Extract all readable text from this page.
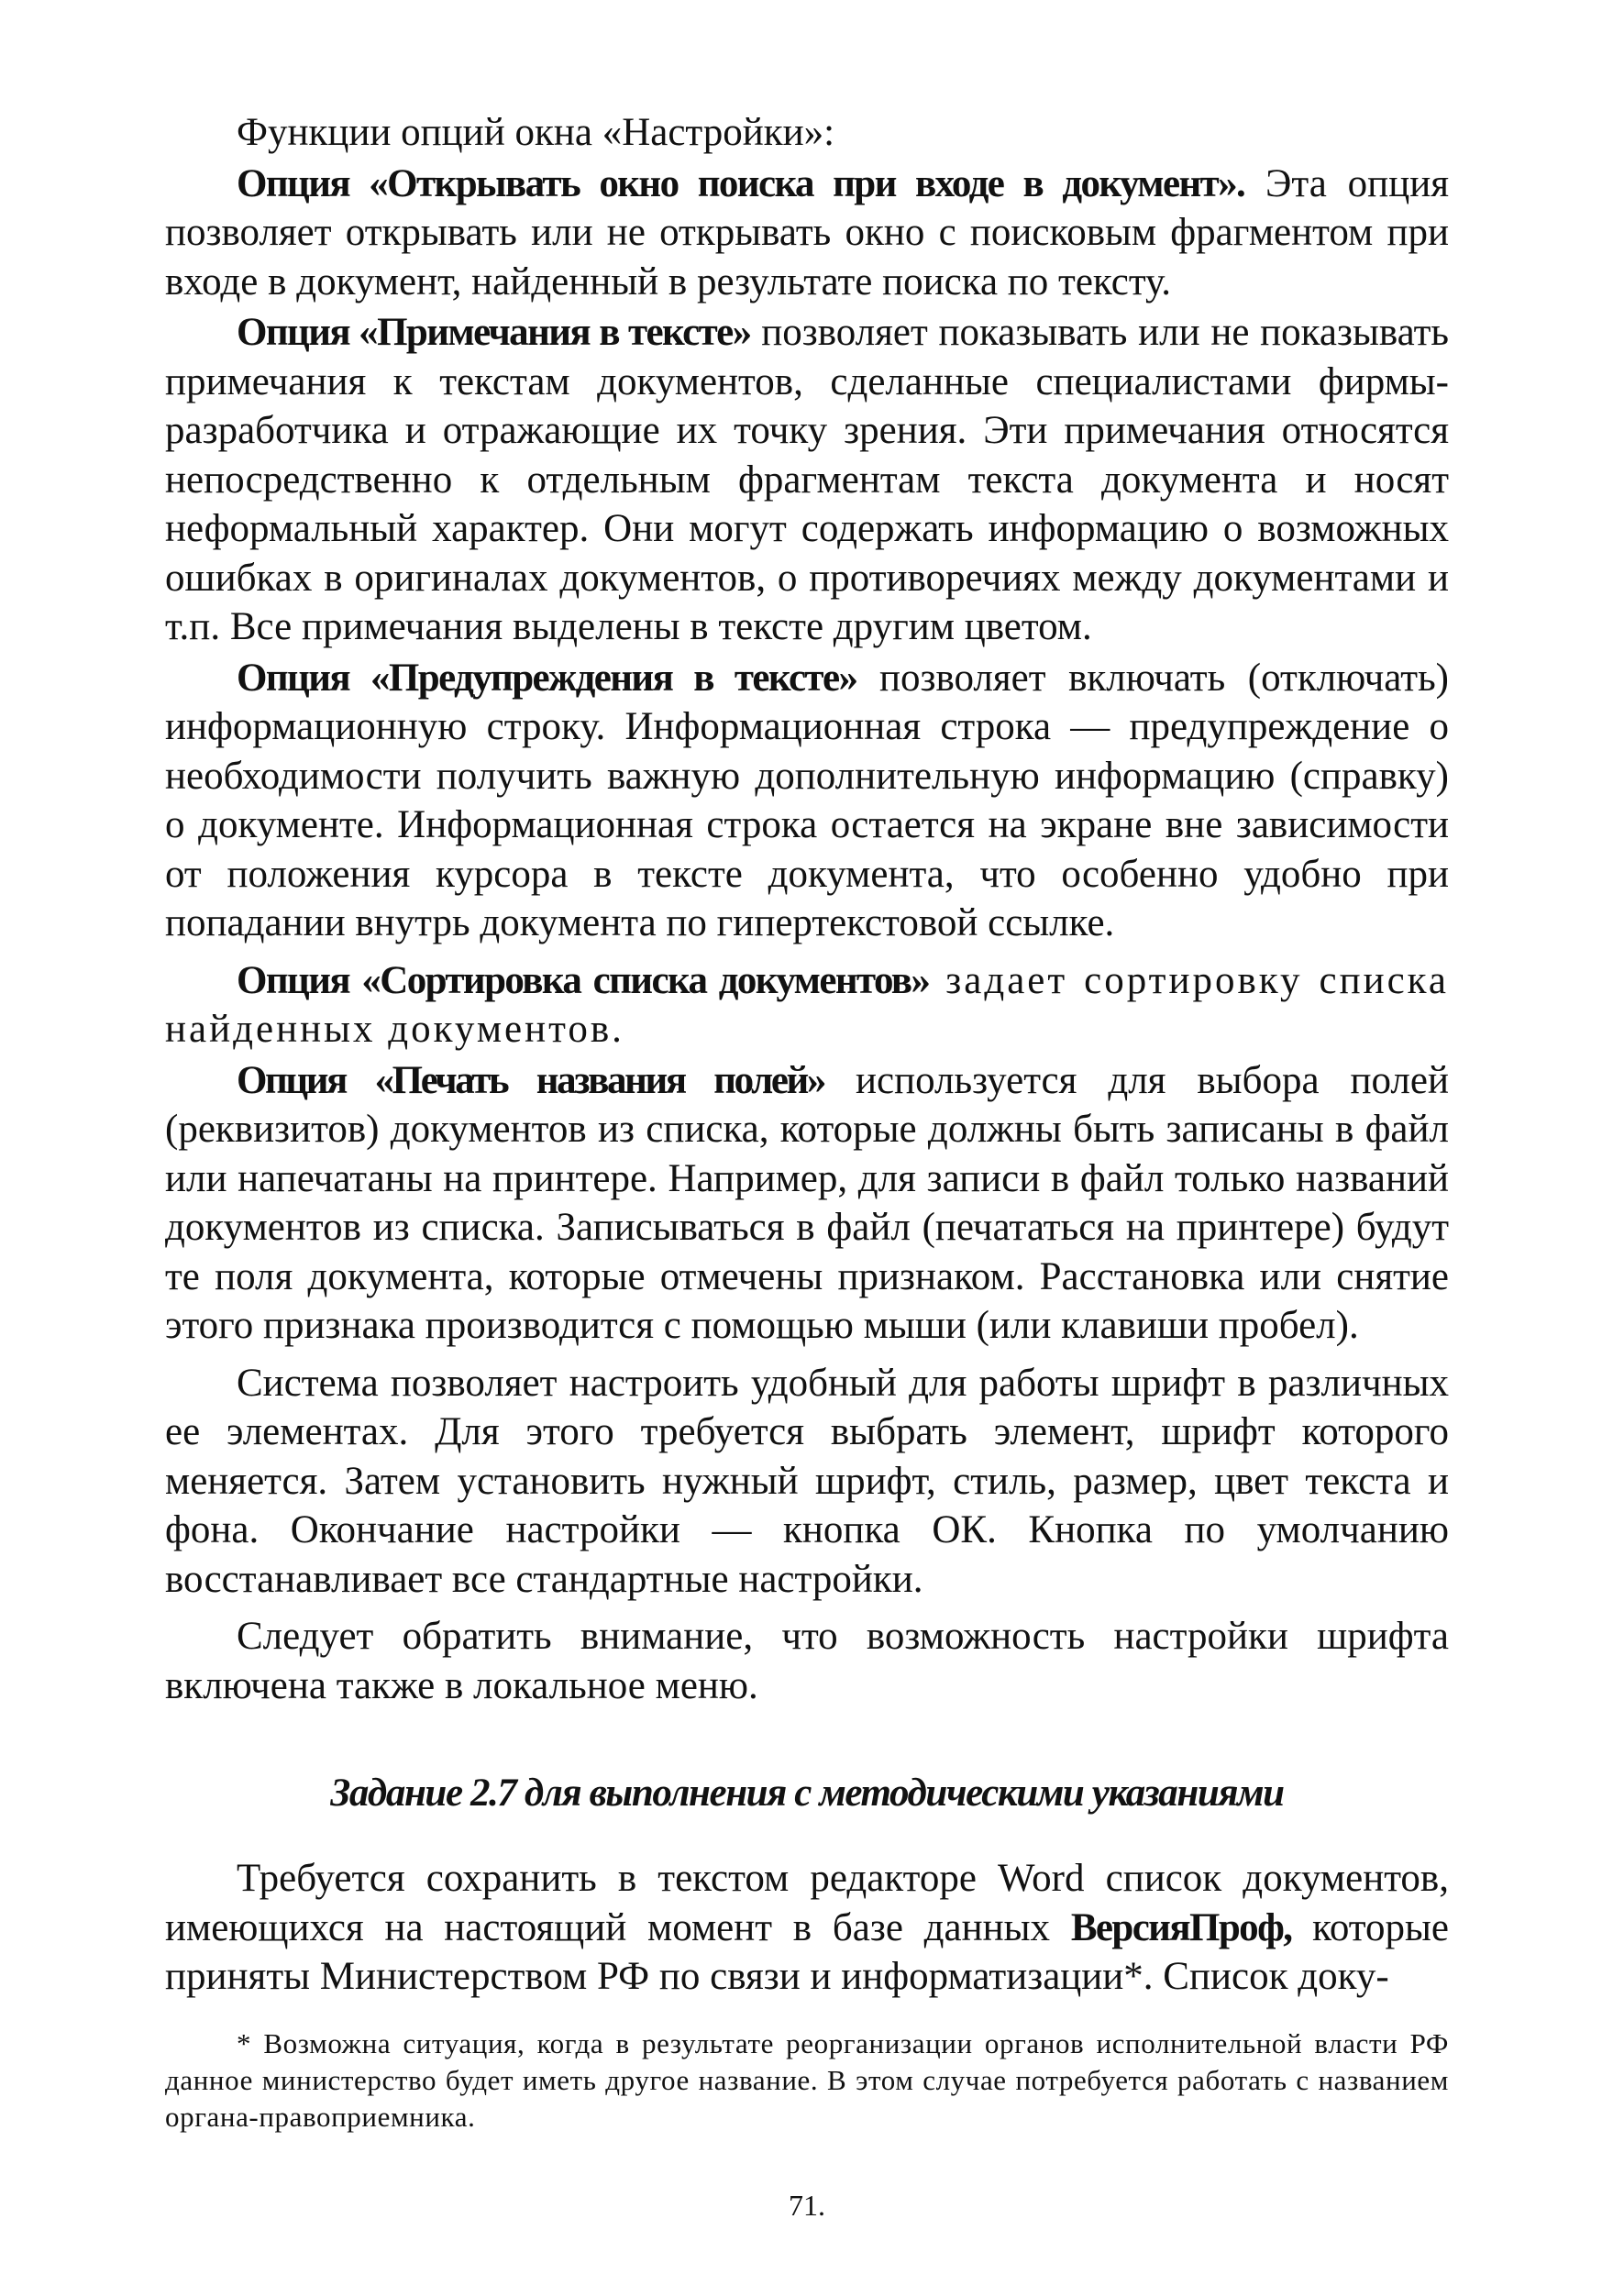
Функции опций окна «Настройки»:

Опция «Открывать окно поиска при входе в документ». Эта опция позволяет открывать или не открывать окно с поисковым фрагментом при входе в документ, найденный в результате поиска по тексту.

Опция «Примечания в тексте» позволяет показывать или не показывать примечания к текстам документов, сделанные специалистами фирмы-разработчика и отражающие их точку зрения. Эти примечания относятся непосредственно к отдельным фрагментам текста документа и носят неформальный характер. Они могут содержать информацию о возможных ошибках в оригиналах документов, о противоречиях между документами и т.п. Все примечания выделены в тексте другим цветом.

Опция «Предупреждения в тексте» позволяет включать (отключать) информационную строку. Информационная строка — предупреждение о необходимости получить важную дополнительную информацию (справку) о документе. Информационная строка остается на экране вне зависимости от положения курсора в тексте документа, что особенно удобно при попадании внутрь документа по гипертекстовой ссылке.

Опция «Сортировка списка документов» задает сортировку списка найденных документов.

Опция «Печать названия полей» используется для выбора полей (реквизитов) документов из списка, которые должны быть записаны в файл или напечатаны на принтере. Например, для записи в файл только названий документов из списка. Записываться в файл (печататься на принтере) будут те поля документа, которые отмечены признаком. Расстановка или снятие этого признака производится с помощью мыши (или клавиши пробел).

Система позволяет настроить удобный для работы шрифт в различных ее элементах. Для этого требуется выбрать элемент, шрифт которого меняется. Затем установить нужный шрифт, стиль, размер, цвет текста и фона. Окончание настройки — кнопка ОК. Кнопка по умолчанию восстанавливает все стандартные настройки.

Следует обратить внимание, что возможность настройки шрифта включена также в локальное меню.

Задание 2.7 для выполнения с методическими указаниями

Требуется сохранить в текстом редакторе Word список документов, имеющихся на настоящий момент в базе данных ВерсияПроф, которые приняты Министерством РФ по связи и информатизации*. Список доку-

* Возможна ситуация, когда в результате реорганизации органов исполнительной власти РФ данное министерство будет иметь другое название. В этом случае потребуется работать с названием органа-правоприемника.

71.
